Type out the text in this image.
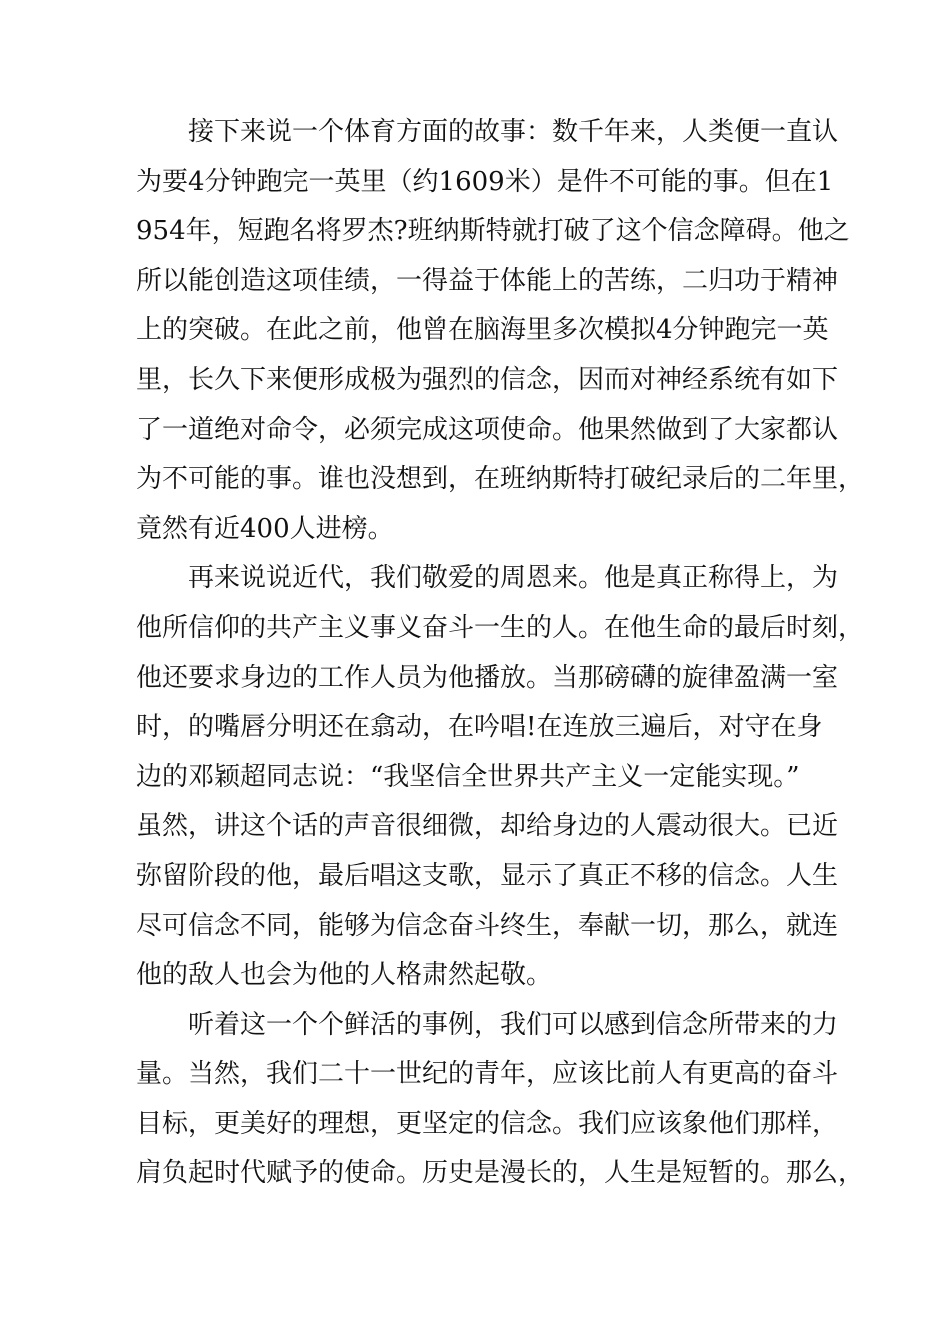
接下来说一个体育方面的故事：数千年来，人类便一直认
为要4分钟跑完一英里（约1609米）是件不可能的事。但在1
954年，短跑名将罗杰?班纳斯特就打破了这个信念障碍。他之
所以能创造这项佳绩，一得益于体能上的苦练，二归功于精神
上的突破。在此之前，他曾在脑海里多次模拟4分钟跑完一英
里，长久下来便形成极为强烈的信念，因而对神经系统有如下
了一道绝对命令，必须完成这项使命。他果然做到了大家都认
为不可能的事。谁也没想到，在班纳斯特打破纪录后的二年里，
竟然有近400人进榜。
再来说说近代，我们敬爱的周恩来。他是真正称得上，为
他所信仰的共产主义事义奋斗一生的人。在他生命的最后时刻，
他还要求身边的工作人员为他播放。当那磅礴的旋律盈满一室
时，的嘴唇分明还在翕动，在吟唱!在连放三遍后，对守在身
边的邓颖超同志说：“我坚信全世界共产主义一定能实现。”
虽然，讲这个话的声音很细微，却给身边的人震动很大。已近
弥留阶段的他，最后唱这支歌，显示了真正不移的信念。人生
尽可信念不同，能够为信念奋斗终生，奉献一切，那么，就连
他的敌人也会为他的人格肃然起敬。
听着这一个个鲜活的事例，我们可以感到信念所带来的力
量。当然，我们二十一世纪的青年，应该比前人有更高的奋斗
目标，更美好的理想，更坚定的信念。我们应该象他们那样，
肩负起时代赋予的使命。历史是漫长的，人生是短暂的。那么，
